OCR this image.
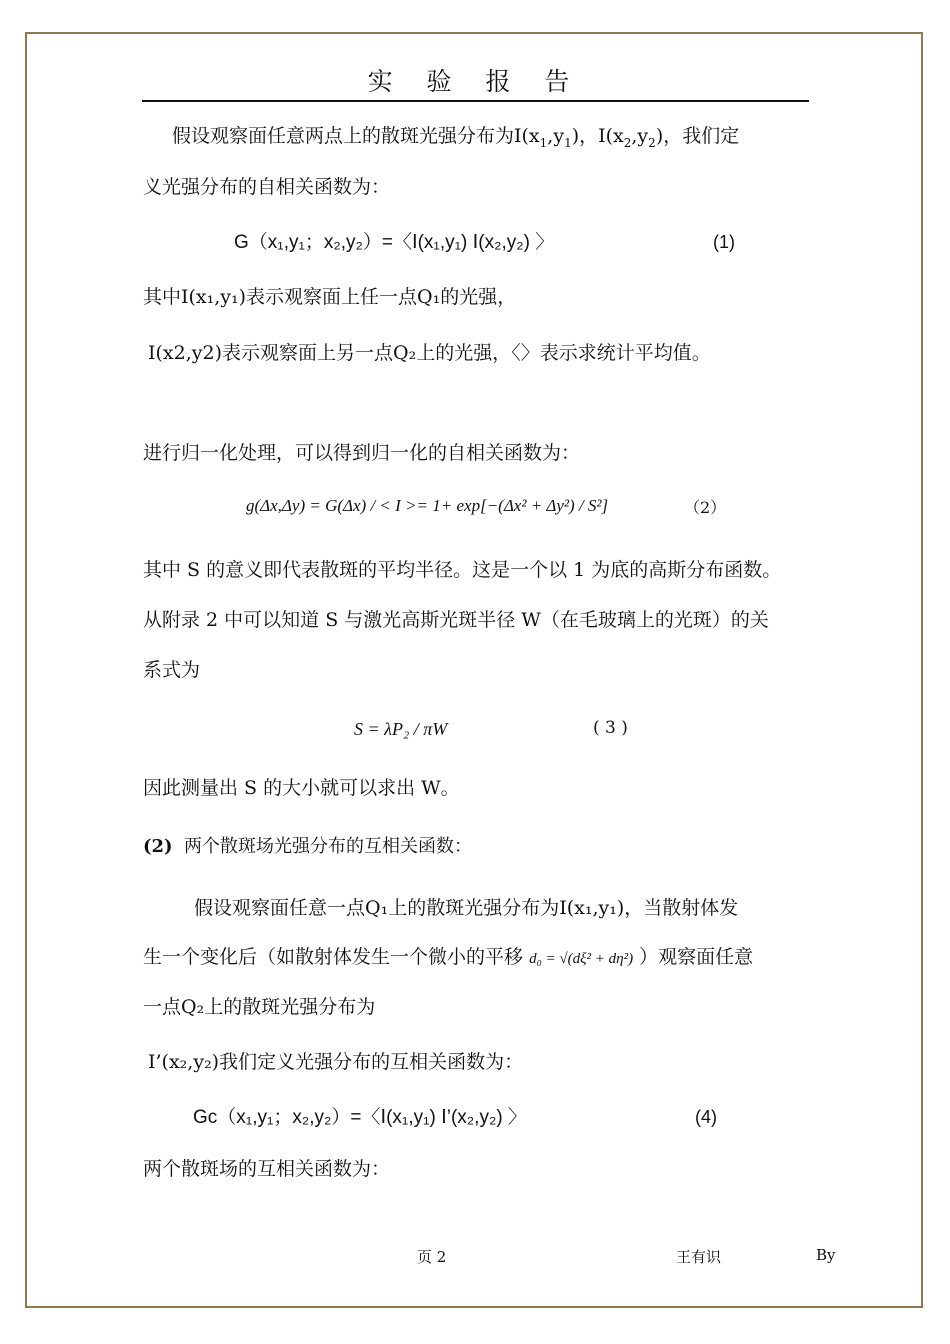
实 验 报 告
假设观察面任意两点上的散斑光强分布为$Ⅰ(x_1,y_1)$，$Ⅰ(x_2,y_2)$，我们定
义光强分布的自相关函数为：
G（x₁,y₁；x₂,y₂）=〈Ⅰ(x₁,y₁) Ⅰ(x₂,y₂) 〉	(1)
其中Ⅰ(x₁,y₁)表示观察面上任一点Q₁的光强，
Ⅰ(x2,y2)表示观察面上另一点Q₂上的光强，〈〉表示求统计平均值。
进行归一化处理，可以得到归一化的自相关函数为：
g(Δx,Δy) = G(Δx) / < I >= 1+ exp[−(Δx² + Δy²) / S²]	（2）
其中 S 的意义即代表散斑的平均半径。这是一个以 1 为底的高斯分布函数。
从附录 2 中可以知道 S 与激光高斯光斑半径 W（在毛玻璃上的光斑）的关
系式为
S = λP₂ / πW	( 3 )
因此测量出 S 的大小就可以求出 W。
(2) 两个散斑场光强分布的互相关函数：
假设观察面任意一点Q₁上的散斑光强分布为Ⅰ(x₁,y₁)，当散射体发
生一个变化后（如散射体发生一个微小的平移 d₀ = √(dξ² + dη²) ）观察面任意
一点Q₂上的散斑光强分布为
Ⅰ’(x₂,y₂)我们定义光强分布的互相关函数为：
Gc（x₁,y₁；x₂,y₂）=〈Ⅰ(x₁,y₁) Ⅰ’(x₂,y₂) 〉	(4)
两个散斑场的互相关函数为：
页 2	王有识	By
